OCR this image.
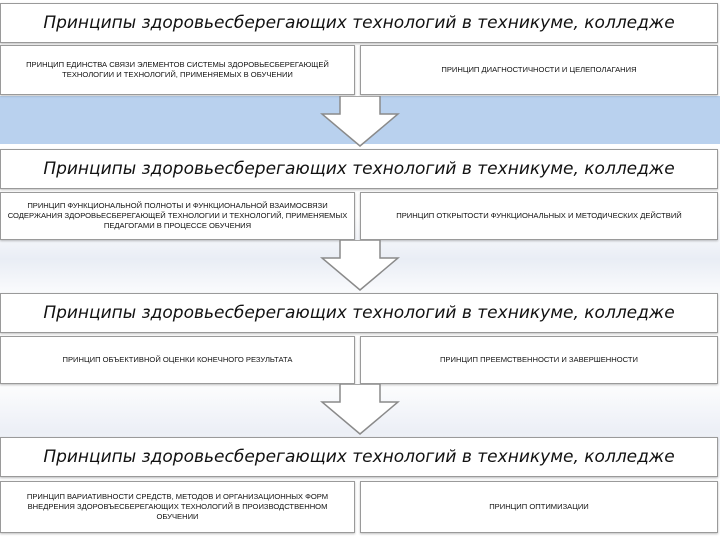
Принципы здоровьесберегающих технологий в техникуме, колледже
ПРИНЦИП ЕДИНСТВА СВЯЗИ ЭЛЕМЕНТОВ СИСТЕМЫ ЗДОРОВЬЕСБЕРЕГАЮЩЕЙ ТЕХНОЛОГИИ И ТЕХНОЛОГИЙ, ПРИМЕНЯЕМЫХ В ОБУЧЕНИИ
ПРИНЦИП ДИАГНОСТИЧНОСТИ И ЦЕЛЕПОЛАГАНИЯ
Принципы здоровьесберегающих технологий в техникуме, колледже
ПРИНЦИП ФУНКЦИОНАЛЬНОЙ ПОЛНОТЫ И ФУНКЦИОНАЛЬНОЙ ВЗАИМОСВЯЗИ СОДЕРЖАНИЯ ЗДОРОВЬЕСБЕРЕГАЮЩЕЙ ТЕХНОЛОГИИ И ТЕХНОЛОГИЙ, ПРИМЕНЯЕМЫХ ПЕДАГОГАМИ В ПРОЦЕССЕ ОБУЧЕНИЯ
ПРИНЦИП ОТКРЫТОСТИ ФУНКЦИОНАЛЬНЫХ И МЕТОДИЧЕСКИХ ДЕЙСТВИЙ
Принципы здоровьесберегающих технологий в техникуме, колледже
ПРИНЦИП ОБЪЕКТИВНОЙ ОЦЕНКИ КОНЕЧНОГО РЕЗУЛЬТАТА	ПРИНЦИП ПРЕЕМСТВЕННОСТИ И ЗАВЕРШЕННОСТИ
Принципы здоровьесберегающих технологий в техникуме, колледже
ПРИНЦИП ВАРИАТИВНОСТИ СРЕДСТВ, МЕТОДОВ И ОРГАНИЗАЦИОННЫХ ФОРМ ВНЕДРЕНИЯ ЗДОРОВЪЕСБЕРЕГАЮЩИХ ТЕХНОЛОГИЙ В ПРОИЗВОДСТВЕННОМ ОБУЧЕНИИ
ПРИНЦИП ОПТИМИЗАЦИИ
